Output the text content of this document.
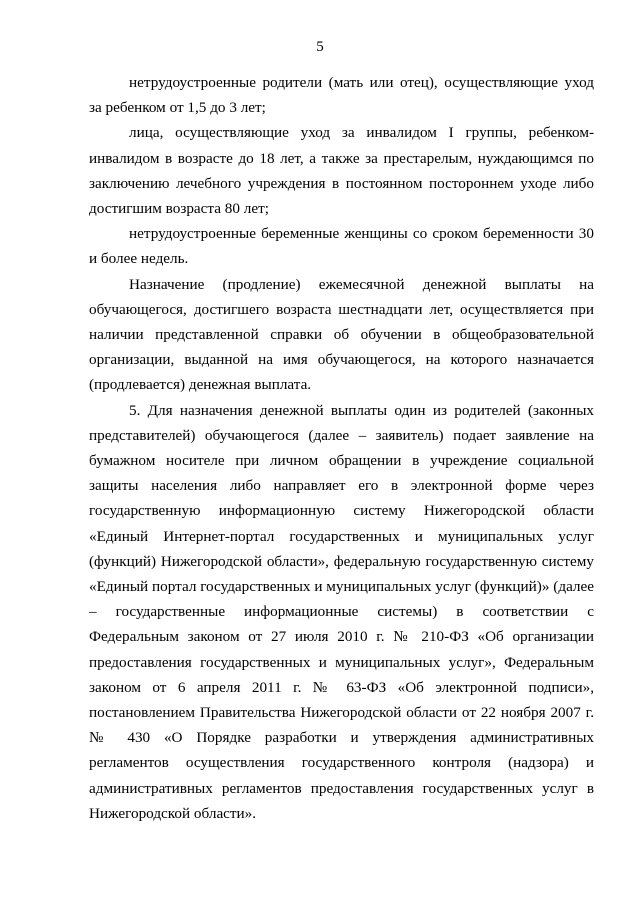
5

нетрудоустроенные родители (мать или отец), осуществляющие уход за ребенком от 1,5 до 3 лет;

лица, осуществляющие уход за инвалидом I группы, ребенком-инвалидом в возрасте до 18 лет, а также за престарелым, нуждающимся по заключению лечебного учреждения в постоянном постороннем уходе либо достигшим возраста 80 лет;

нетрудоустроенные беременные женщины со сроком беременности 30 и более недель.

Назначение (продление) ежемесячной денежной выплаты на обучающегося, достигшего возраста шестнадцати лет, осуществляется при наличии представленной справки об обучении в общеобразовательной организации, выданной на имя обучающегося, на которого назначается (продлевается) денежная выплата.

5. Для назначения денежной выплаты один из родителей (законных представителей) обучающегося (далее – заявитель) подает заявление на бумажном носителе при личном обращении в учреждение социальной защиты населения либо направляет его в электронной форме через государственную информационную систему Нижегородской области «Единый Интернет-портал государственных и муниципальных услуг (функций) Нижегородской области», федеральную государственную систему «Единый портал государственных и муниципальных услуг (функций)» (далее – государственные информационные системы) в соответствии с Федеральным законом от 27 июля 2010 г. № 210-ФЗ «Об организации предоставления государственных и муниципальных услуг», Федеральным законом от 6 апреля 2011 г. № 63-ФЗ «Об электронной подписи», постановлением Правительства Нижегородской области от 22 ноября 2007 г. № 430 «О Порядке разработки и утверждения административных регламентов осуществления государственного контроля (надзора) и административных регламентов предоставления государственных услуг в Нижегородской области».
